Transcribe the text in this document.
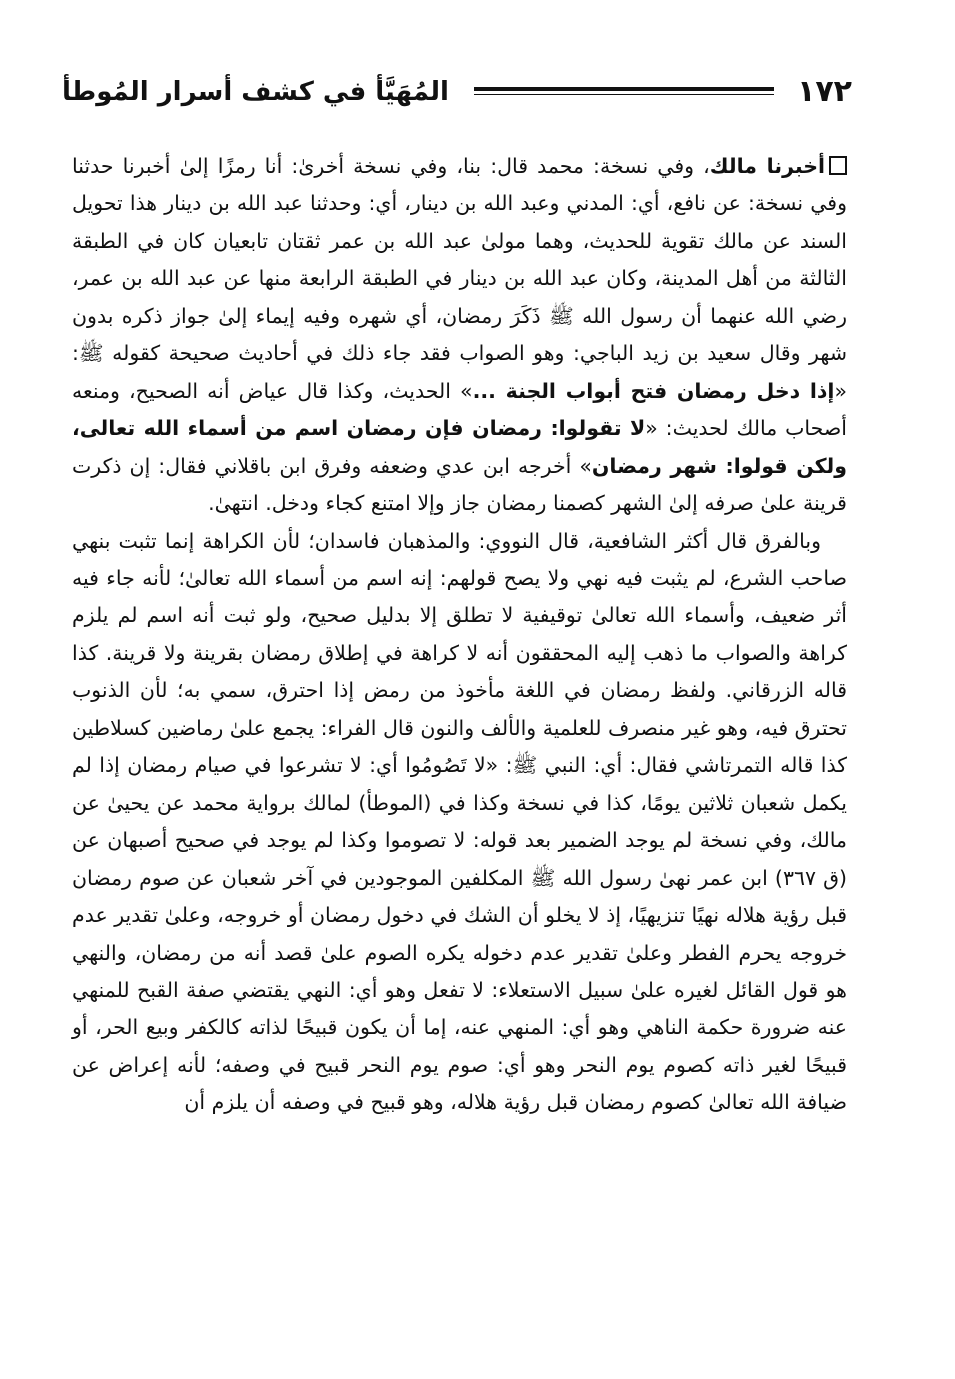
١٧٢
المُهَيَّأ في كشف أسرار المُوطأ

أخبرنا مالك، وفي نسخة: محمد قال: بنا، وفي نسخة أخرىٰ: أنا رمزًا إلىٰ أخبرنا حدثنا وفي نسخة: عن نافع، أي: المدني وعبد الله بن دينار، أي: وحدثنا عبد الله بن دينار هذا تحويل السند عن مالك تقوية للحديث، وهما مولىٰ عبد الله بن عمر ثقتان تابعيان كان في الطبقة الثالثة من أهل المدينة، وكان عبد الله بن دينار في الطبقة الرابعة منها عن عبد الله بن عمر، رضي الله عنهما أن رسول الله ﷺ ذَكَرَ رمضان، أي شهره وفيه إيماء إلىٰ جواز ذكره بدون شهر وقال سعيد بن زيد الباجي: وهو الصواب فقد جاء ذلك في أحاديث صحيحة كقوله ﷺ: «إذا دخل رمضان فتح أبواب الجنة ...» الحديث، وكذا قال عياض أنه الصحيح، ومنعه أصحاب مالك لحديث: «لا تقولوا: رمضان فإن رمضان اسم من أسماء الله تعالى، ولكن قولوا: شهر رمضان» أخرجه ابن عدي وضعفه وفرق ابن باقلاني فقال: إن ذكرت قرينة علىٰ صرفه إلىٰ الشهر كصمنا رمضان جاز وإلا امتنع كجاء ودخل. انتهىٰ.

وبالفرق قال أكثر الشافعية، قال النووي: والمذهبان فاسدان؛ لأن الكراهة إنما تثبت بنهي صاحب الشرع، لم يثبت فيه نهي ولا يصح قولهم: إنه اسم من أسماء الله تعالىٰ؛ لأنه جاء فيه أثر ضعيف، وأسماء الله تعالىٰ توقيفية لا تطلق إلا بدليل صحيح، ولو ثبت أنه اسم لم يلزم كراهة والصواب ما ذهب إليه المحققون أنه لا كراهة في إطلاق رمضان بقرينة ولا قرينة. كذا قاله الزرقاني. ولفظ رمضان في اللغة مأخوذ من رمض إذا احترق، سمي به؛ لأن الذنوب تحترق فيه، وهو غير منصرف للعلمية والألف والنون قال الفراء: يجمع علىٰ رماضين كسلاطين كذا قاله التمرتاشي فقال: أي: النبي ﷺ: «لا تَصُومُوا أي: لا تشرعوا في صيام رمضان إذا لم يكمل شعبان ثلاثين يومًا، كذا في نسخة وكذا في (الموطأ) لمالك برواية محمد عن يحيىٰ عن مالك، وفي نسخة لم يوجد الضمير بعد قوله: لا تصوموا وكذا لم يوجد في صحيح أصبهان عن (ق ٣٦٧) ابن عمر نهىٰ رسول الله ﷺ المكلفين الموجودين في آخر شعبان عن صوم رمضان قبل رؤية هلاله نهيًا تنزيهيًا، إذ لا يخلو أن الشك في دخول رمضان أو خروجه، وعلىٰ تقدير عدم خروجه يحرم الفطر وعلىٰ تقدير عدم دخوله يكره الصوم علىٰ قصد أنه من رمضان، والنهي هو قول القائل لغيره علىٰ سبيل الاستعلاء: لا تفعل وهو أي: النهي يقتضي صفة القبح للمنهي عنه ضرورة حكمة الناهي وهو أي: المنهي عنه، إما أن يكون قبيحًا لذاته كالكفر وبيع الحر، أو قبيحًا لغير ذاته كصوم يوم النحر وهو أي: صوم يوم النحر قبيح في وصفه؛ لأنه إعراض عن ضيافة الله تعالىٰ كصوم رمضان قبل رؤية هلاله، وهو قبيح في وصفه أن يلزم أن
